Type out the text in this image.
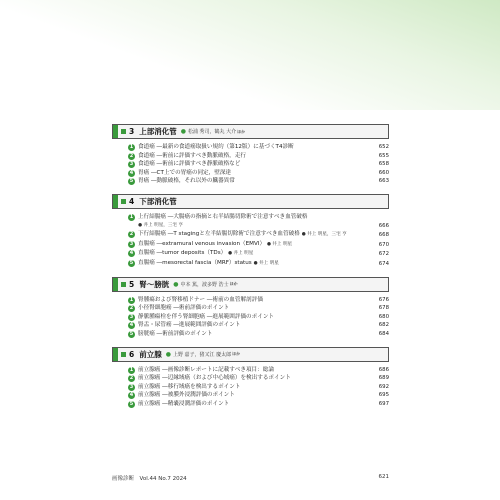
3 上部消化管 ● 松浦 秀司，鶴丸 大介 ほか
1 食道癌 ―最新の食道癌取扱い規約（第12版）に基づくT4診断	652
2 食道癌 ―術前に評価すべき動脈破格，走行	655
3 食道癌 ―術前に評価すべき静脈破格など	658
4 胃癌 ―CT上での胃癌の同定，壁深達	660
5 胃癌 ―動脈破格，それ以外の臓器異常	663
4 下部消化管
1 上行結腸癌 ―大腸癌の指摘と右半結腸切除術で注意すべき血管破格
● 井上 明星，三宅 亨	666
2 下行結腸癌 ―T stagingと左半結腸切除術で注意すべき血管破格 ● 井上 明星，三宅 亨	668
3 直腸癌 ―extramural venous invasion（EMVI） ● 井上 明星	670
4 直腸癌 ―tumor deposits（TDs） ● 井上 明星	672
5 直腸癌 ―mesorectal fascia（MRF）status ● 井上 明星	674
5 腎～膀胱 ● 中本 篤，波多野 浩士 ほか
1 腎腫瘍および腎移植ドナー ―術前の血管解剖評価	676
2 小径腎細胞癌 ―術前評価のポイント	678
3 静脈腫瘍栓を伴う腎細胞癌 ―進展範囲評価のポイント	680
4 腎盂・尿管癌 ―進展範囲評価のポイント	682
5 膀胱癌 ―術前評価のポイント	684
6 前立腺 ● 上野 嘉子，猪又江 慶太郎 ほか
1 前立腺癌 ―画像診断レポートに記載すべき項目：総論	686
2 前立腺癌 ―辺縁域癌（および中心域癌）を検出するポイント	689
3 前立腺癌 ―移行域癌を検出するポイント	692
4 前立腺癌 ―被膜外浸潤評価のポイント	695
5 前立腺癌 ―精嚢浸潤評価のポイント	697
画像診断　Vol.44 No.7 2024	621
